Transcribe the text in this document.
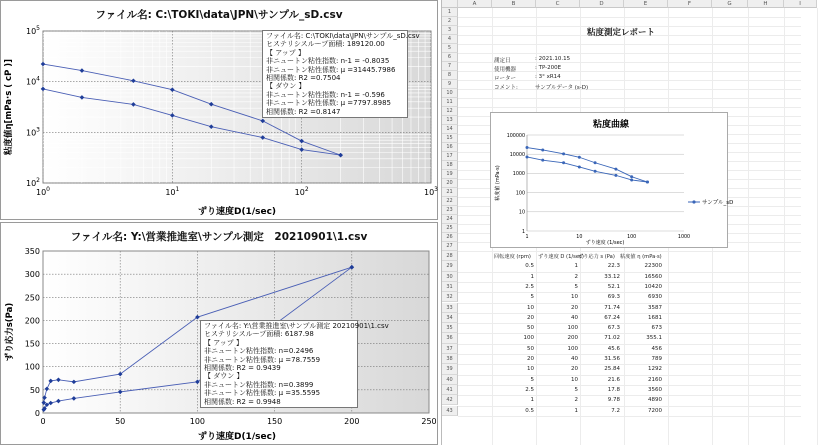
ファイル名: C:\TOKI\data\JPN\サンプル_sD.csv
$10^0$	$10^1$	$10^2$	$10^3$
$10^2$
$10^3$
$10^4$
$10^5$
ずり速度D(1/sec)
粘度値η[mPa·s ( cP )]
ファイル名: C:\TOKI\data\JPN\サンプル_sD.csv
ヒステリシスループ面積: 189120.00
【 アップ 】
非ニュートン粘性指数: n-1 = -0.8035
非ニュートン粘性係数: μ =31445.7986
相関係数: R2 =0.7504
【 ダウン 】
非ニュートン粘性指数: n-1 = -0.596
非ニュートン粘性係数: μ =7797.8985
相関係数: R2 =0.8147
ファイル名: Y:\営業推進室\サンプル測定　20210901\1.csv
0	50	100	150	200	250
0
50
100
150
200
250
300
350
ずり速度D(1/sec)
ずり応力s(Pa)	ファイル名: Y:\営業推進室\サンプル測定 20210901\1.csv
ヒステリシスループ面積: 6187.98
【 アップ 】
非ニュートン粘性指数: n=0.2496
非ニュートン粘性係数: μ =78.7559
相関係数: R2 = 0.9439
【 ダウン 】
非ニュートン粘性指数: n=0.3899
非ニュートン粘性係数: μ =35.5595
相関係数: R2 = 0.9948
A	B	C	D	E	F	G	H	I
1
2
3
4
5
6
7
8
9
10
11
12
13
14
15
16
17
18
19
20
21
22
23
24
25
26
27
28
29
30
31
32
33
34
35
36
37
38
39
40
41
42
43
粘度測定レポート
測定日	: 2021.10.15
使用機器	: TP-200E
ローター	: 3° xR14
コメント:	サンプルデータ (s-D)
回転速度 (rpm) ずり速度 D (1/sec)
ずり応力 s (Pa) 粘度値 η (mPa·s)
0.5	1	22.3	22300
1	2	33.12	16560
2.5	5	52.1	10420
5	10	69.3	6930
10	20	71.74	3587
20	40	67.24	1681
50	100	67.3	673
100	200	71.02	355.1
50	100	45.6	456
20	40	31.56	789
10	20	25.84	1292
5	10	21.6	2160
2.5	5	17.8	3560
1	2	9.78	4890
0.5	1	7.2	7200
粘度曲線
1
10
100
1000
10000
100000
1	10	100	1000
ずり速度 (1/sec)
粘度値 (mPa·s)
サンプル_sD
